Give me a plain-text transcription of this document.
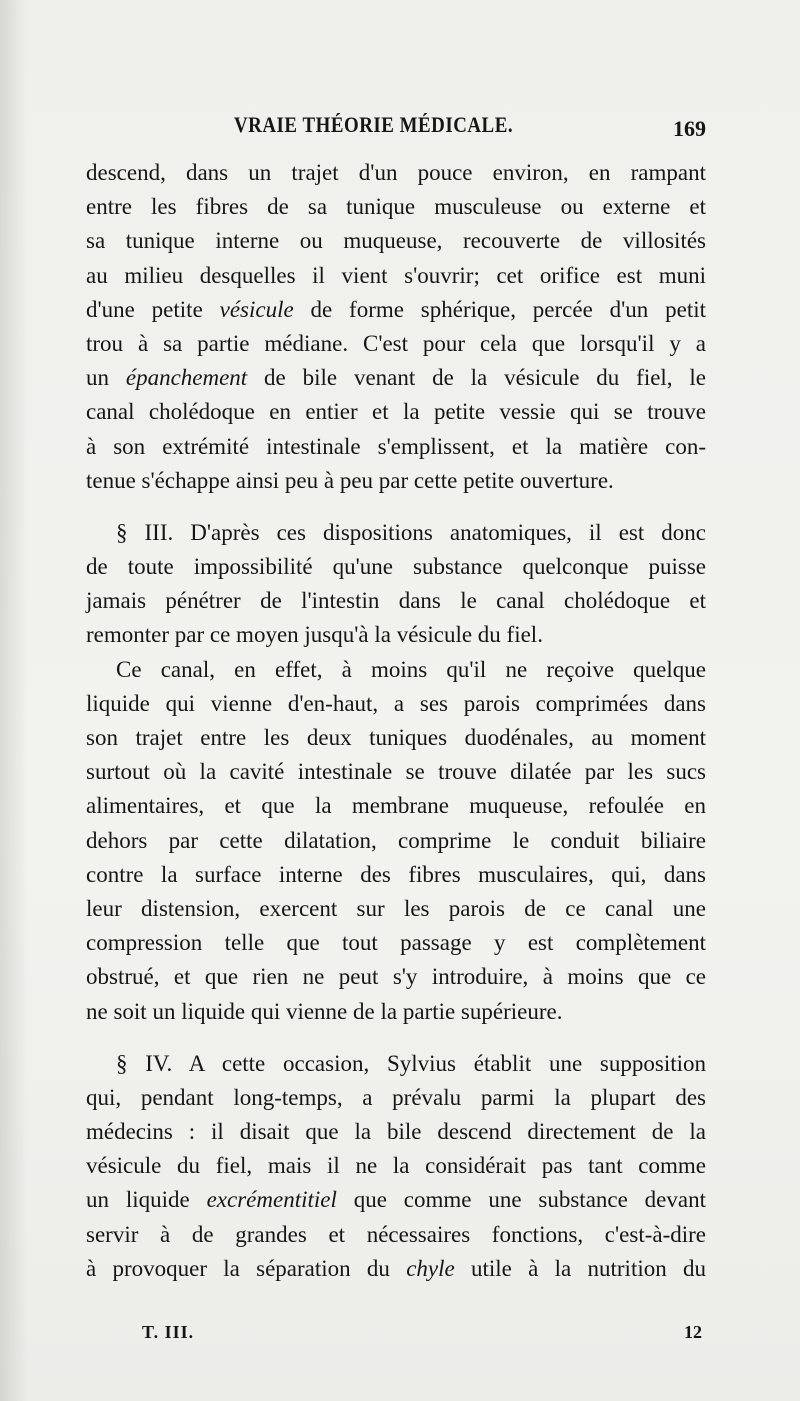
VRAIE THÉORIE MÉDICALE.	169
descend, dans un trajet d'un pouce environ, en rampant
entre les fibres de sa tunique musculeuse ou externe et
sa tunique interne ou muqueuse, recouverte de villosités
au milieu desquelles il vient s'ouvrir; cet orifice est muni
d'une petite vésicule de forme sphérique, percée d'un petit
trou à sa partie médiane. C'est pour cela que lorsqu'il y a
un épanchement de bile venant de la vésicule du fiel, le
canal cholédoque en entier et la petite vessie qui se trouve
à son extrémité intestinale s'emplissent, et la matière con-
tenue s'échappe ainsi peu à peu par cette petite ouverture.
§ III. D'après ces dispositions anatomiques, il est donc
de toute impossibilité qu'une substance quelconque puisse
jamais pénétrer de l'intestin dans le canal cholédoque et
remonter par ce moyen jusqu'à la vésicule du fiel.
Ce canal, en effet, à moins qu'il ne reçoive quelque
liquide qui vienne d'en-haut, a ses parois comprimées dans
son trajet entre les deux tuniques duodénales, au moment
surtout où la cavité intestinale se trouve dilatée par les sucs
alimentaires, et que la membrane muqueuse, refoulée en
dehors par cette dilatation, comprime le conduit biliaire
contre la surface interne des fibres musculaires, qui, dans
leur distension, exercent sur les parois de ce canal une
compression telle que tout passage y est complètement
obstrué, et que rien ne peut s'y introduire, à moins que ce
ne soit un liquide qui vienne de la partie supérieure.
§ IV. A cette occasion, Sylvius établit une supposition
qui, pendant long-temps, a prévalu parmi la plupart des
médecins : il disait que la bile descend directement de la
vésicule du fiel, mais il ne la considérait pas tant comme
un liquide excrémentitiel que comme une substance devant
servir à de grandes et nécessaires fonctions, c'est-à-dire
à provoquer la séparation du chyle utile à la nutrition du
T. III.	12
